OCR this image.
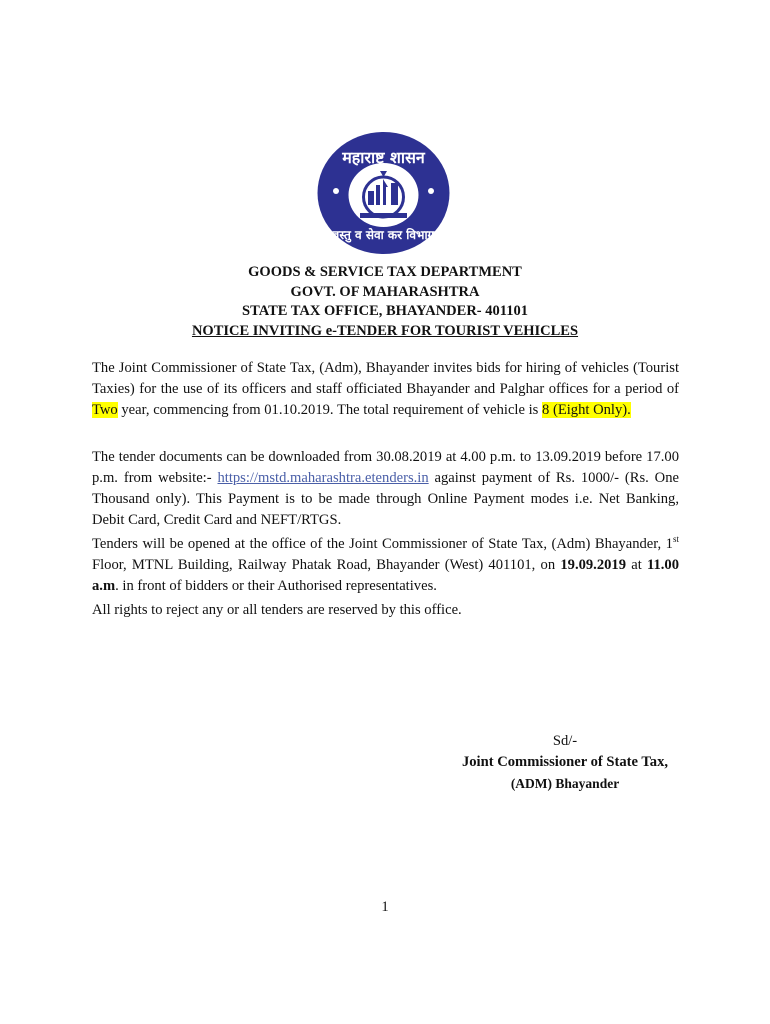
महाराष्ट्र शासन
वस्तु व सेवा कर विभाग
GOODS & SERVICE TAX DEPARTMENT
GOVT. OF MAHARASHTRA
STATE TAX OFFICE, BHAYANDER- 401101
NOTICE INVITING e-TENDER FOR TOURIST VEHICLES
The Joint Commissioner of State Tax, (Adm), Bhayander invites bids for hiring of vehicles (Tourist Taxies) for the use of its officers and staff officiated Bhayander and Palghar offices for a period of Two year, commencing from 01.10.2019. The total requirement of vehicle is 8 (Eight Only).
The tender documents can be downloaded from 30.08.2019 at 4.00 p.m. to 13.09.2019 before 17.00 p.m. from website:- https://mstd.maharashtra.etenders.in against payment of Rs. 1000/- (Rs. One Thousand only). This Payment is to be made through Online Payment modes i.e. Net Banking, Debit Card, Credit Card and NEFT/RTGS.
Tenders will be opened at the office of the Joint Commissioner of State Tax, (Adm) Bhayander, 1st Floor, MTNL Building, Railway Phatak Road, Bhayander (West) 401101, on 19.09.2019 at 11.00 a.m. in front of bidders or their Authorised representatives.
All rights to reject any or all tenders are reserved by this office.
Sd/-
Joint Commissioner of State Tax,
(ADM) Bhayander
1
